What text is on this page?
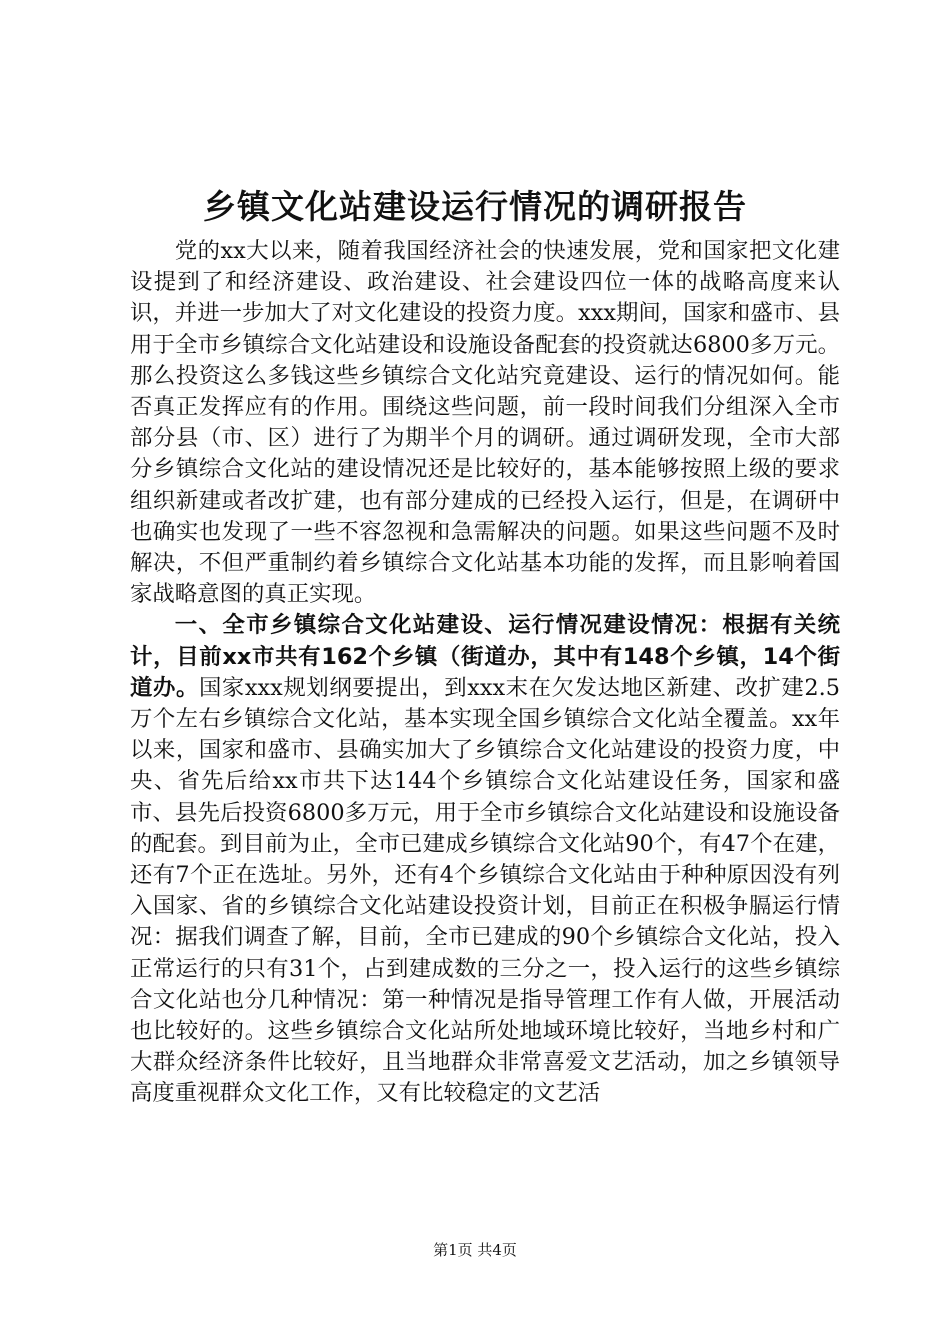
乡镇文化站建设运行情况的调研报告

党的xx大以来，随着我国经济社会的快速发展，党和国家把文化建设提到了和经济建设、政治建设、社会建设四位一体的战略高度来认识，并进一步加大了对文化建设的投资力度。xxx期间，国家和盛市、县用于全市乡镇综合文化站建设和设施设备配套的投资就达6800多万元。那么投资这么多钱这些乡镇综合文化站究竟建设、运行的情况如何。能否真正发挥应有的作用。围绕这些问题，前一段时间我们分组深入全市部分县（市、区）进行了为期半个月的调研。通过调研发现，全市大部分乡镇综合文化站的建设情况还是比较好的，基本能够按照上级的要求组织新建或者改扩建，也有部分建成的已经投入运行，但是，在调研中也确实也发现了一些不容忽视和急需解决的问题。如果这些问题不及时解决，不但严重制约着乡镇综合文化站基本功能的发挥，而且影响着国家战略意图的真正实现。

一、全市乡镇综合文化站建设、运行情况建设情况：根据有关统计，目前xx市共有162个乡镇（街道办，其中有148个乡镇，14个街道办。国家xxx规划纲要提出，到xxx末在欠发达地区新建、改扩建2.5万个左右乡镇综合文化站，基本实现全国乡镇综合文化站全覆盖。xx年以来，国家和盛市、县确实加大了乡镇综合文化站建设的投资力度，中央、省先后给xx市共下达144个乡镇综合文化站建设任务，国家和盛市、县先后投资6800多万元，用于全市乡镇综合文化站建设和设施设备的配套。到目前为止，全市已建成乡镇综合文化站90个，有47个在建，还有7个正在选址。另外，还有4个乡镇综合文化站由于种种原因没有列入国家、省的乡镇综合文化站建设投资计划，目前正在积极争膈运行情况：据我们调查了解，目前，全市已建成的90个乡镇综合文化站，投入正常运行的只有31个，占到建成数的三分之一，投入运行的这些乡镇综合文化站也分几种情况：第一种情况是指导管理工作有人做，开展活动也比较好的。这些乡镇综合文化站所处地域环境比较好，当地乡村和广大群众经济条件比较好，且当地群众非常喜爱文艺活动，加之乡镇领导高度重视群众文化工作，又有比较稳定的文艺活

第1页 共4页
